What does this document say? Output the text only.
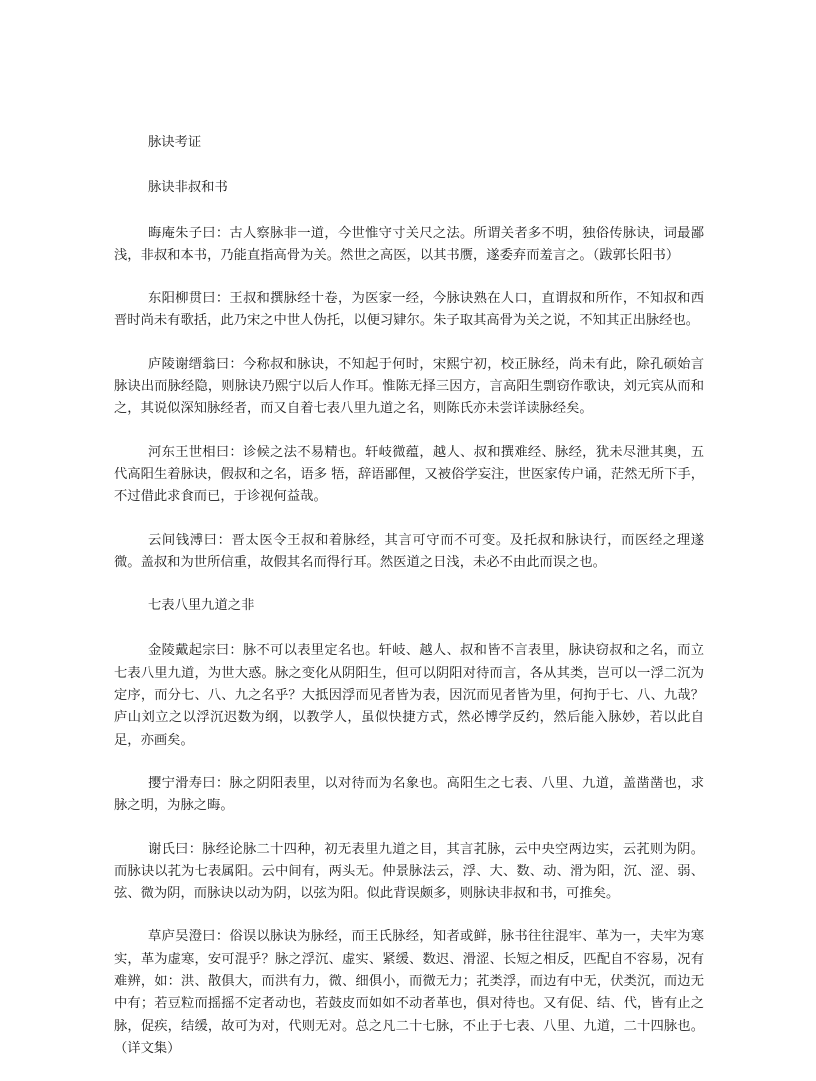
脉诀考证
脉诀非叔和书
晦庵朱子曰：古人察脉非一道，今世惟守寸关尺之法。所谓关者多不明，独俗传脉诀，词最鄙浅，非叔和本书，乃能直指高骨为关。然世之高医，以其书赝，遂委弃而羞言之。（跋郭长阳书）
东阳柳贯曰：王叔和撰脉经十卷，为医家一经，今脉诀熟在人口，直谓叔和所作，不知叔和西晋时尚未有歌括，此乃宋之中世人伪托，以便习肄尔。朱子取其高骨为关之说，不知其正出脉经也。
庐陵谢缙翁曰：今称叔和脉诀，不知起于何时，宋熙宁初，校正脉经，尚未有此，除孔硕始言脉诀出而脉经隐，则脉诀乃熙宁以后人作耳。惟陈无择三因方，言高阳生剽窃作歌诀，刘元宾从而和之，其说似深知脉经者，而又自着七表八里九道之名，则陈氏亦未尝详读脉经矣。
河东王世相曰：诊候之法不易精也。轩岐微蕴，越人、叔和撰难经、脉经，犹未尽泄其奥，五代高阳生着脉诀，假叔和之名，语多 牾，辞语鄙俚，又被俗学妄注，世医家传户诵，茫然无所下手，不过借此求食而已，于诊视何益哉。
云间钱溥曰：晋太医令王叔和着脉经，其言可守而不可变。及托叔和脉诀行，而医经之理遂微。盖叔和为世所信重，故假其名而得行耳。然医道之日浅，未必不由此而误之也。
七表八里九道之非
金陵戴起宗曰：脉不可以表里定名也。轩岐、越人、叔和皆不言表里，脉诀窃叔和之名，而立七表八里九道，为世大惑。脉之变化从阴阳生，但可以阴阳对待而言，各从其类，岂可以一浮二沉为定序，而分七、八、九之名乎？大抵因浮而见者皆为表，因沉而见者皆为里，何拘于七、八、九哉？庐山刘立之以浮沉迟数为纲，以教学人，虽似快捷方式，然必博学反约，然后能入脉妙，若以此自足，亦画矣。
撄宁滑寿曰：脉之阴阳表里，以对待而为名象也。高阳生之七表、八里、九道，盖凿凿也，求脉之明，为脉之晦。
谢氏曰：脉经论脉二十四种，初无表里九道之目，其言芤脉，云中央空两边实，云芤则为阴。而脉诀以芤为七表属阳。云中间有，两头无。仲景脉法云，浮、大、数、动、滑为阳，沉、涩、弱、弦、微为阴，而脉诀以动为阴，以弦为阳。似此背误颇多，则脉诀非叔和书，可推矣。
草庐吴澄曰：俗误以脉诀为脉经，而王氏脉经，知者或鲜，脉书往往混牢、革为一，夫牢为寒实，革为虚寒，安可混乎？脉之浮沉、虚实、紧缓、数迟、滑涩、长短之相反，匹配自不容易，况有难辨，如：洪、散俱大，而洪有力，微、细俱小，而微无力；芤类浮，而边有中无，伏类沉，而边无中有；若豆粒而摇摇不定者动也，若鼓皮而如如不动者革也，俱对待也。又有促、结、代，皆有止之脉，促疾，结缓，故可为对，代则无对。总之凡二十七脉，不止于七表、八里、九道，二十四脉也。（详文集）
